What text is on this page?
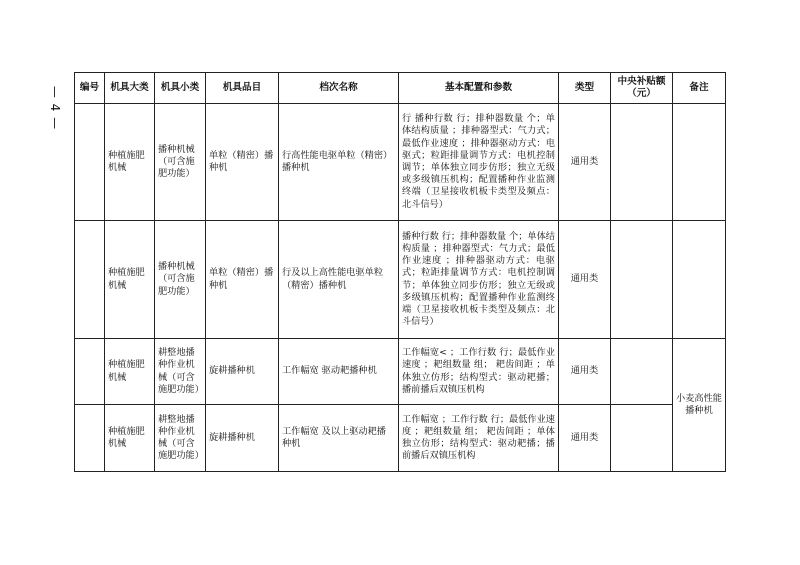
— 4 — 编号	机具大类	机具小类	机具品目	档次名称	基本配置和参数	类型	中央补贴额（元）	备注
	种植施肥机械	播种机械（可含施肥功能）	单粒（精密）播种机	行高性能电驱单粒（精密）播种机	行 播种行数 行；排种器数量 个；单体结构质量 ；排种器型式：气力式；最低作业速度 ；排种器驱动方式：电驱式；粒距排量调节方式：电机控制调节；单体独立同步仿形；独立无级或多级镇压机构；配置播种作业监测终端（卫星接收机板卡类型及频点：北斗信号）	通用类		
	种植施肥机械	播种机械（可含施肥功能）	单粒（精密）播种机	行及以上高性能电驱单粒（精密）播种机	播种行数 行；排种器数量 个；单体结构质量 ；排种器型式：气力式；最低作业速度 ；排种器驱动方式：电驱式；粒距排量调节方式：电机控制调节；单体独立同步仿形；独立无级或多级镇压机构；配置播种作业监测终端（卫星接收机板卡类型及频点：北斗信号）	通用类		
	种植施肥机械	耕整地播种作业机械（可含施肥功能）	旋耕播种机	工作幅宽 驱动耙播种机	工作幅宽< ；工作行数 行；最低作业速度 ；耙组数量 组； 耙齿间距 ；单体独立仿形；结构型式：驱动耙播；播前播后双镇压机构	通用类		小麦高性能播种机
	种植施肥机械	耕整地播种作业机械（可含施肥功能）	旋耕播种机	工作幅宽 及以上驱动耙播种机	工作幅宽 ；工作行数 行；最低作业速度 ；耙组数量 组； 耙齿间距 ；单体独立仿形；结构型式：驱动耙播；播前播后双镇压机构	通用类		
